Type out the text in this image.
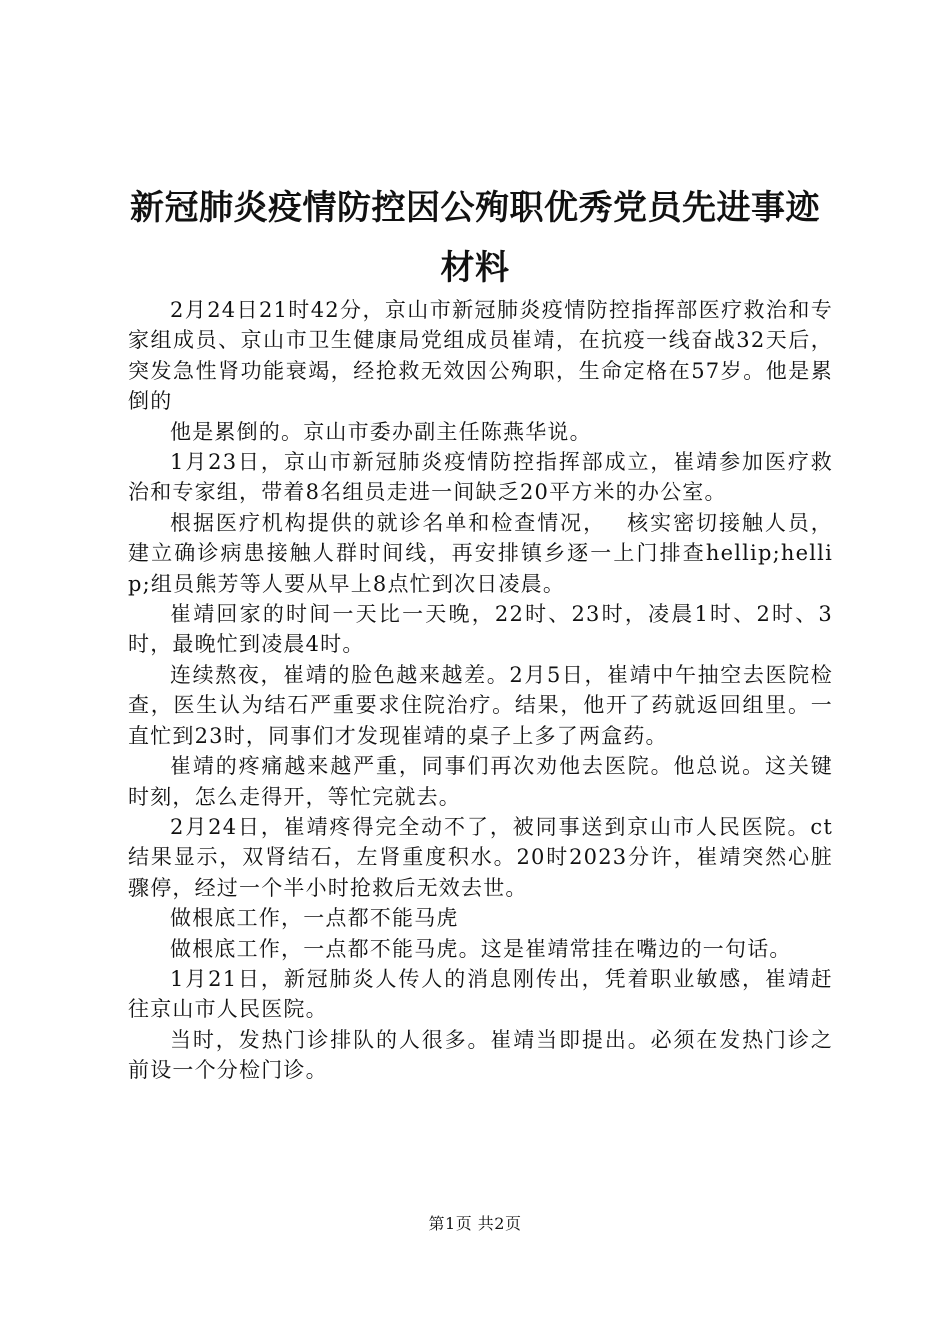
新冠肺炎疫情防控因公殉职优秀党员先进事迹材料

2月24日21时42分，京山市新冠肺炎疫情防控指挥部医疗救治和专家组成员、京山市卫生健康局党组成员崔靖，在抗疫一线奋战32天后，突发急性肾功能衰竭，经抢救无效因公殉职，生命定格在57岁。他是累倒的

他是累倒的。京山市委办副主任陈燕华说。

1月23日，京山市新冠肺炎疫情防控指挥部成立，崔靖参加医疗救治和专家组，带着8名组员走进一间缺乏20平方米的办公室。

根据医疗机构提供的就诊名单和检查情况，　 核实密切接触人员，建立确诊病患接触人群时间线，再安排镇乡逐一上门排查hellip;hellip;组员熊芳等人要从早上8点忙到次日凌晨。

崔靖回家的时间一天比一天晚，22时、23时，凌晨1时、2时、3时，最晚忙到凌晨4时。

连续熬夜，崔靖的脸色越来越差。2月5日，崔靖中午抽空去医院检查，医生认为结石严重要求住院治疗。结果，他开了药就返回组里。一直忙到23时，同事们才发现崔靖的桌子上多了两盒药。

崔靖的疼痛越来越严重，同事们再次劝他去医院。他总说。这关键时刻，怎么走得开，等忙完就去。

2月24日，崔靖疼得完全动不了，被同事送到京山市人民医院。ct结果显示，双肾结石，左肾重度积水。20时2023分许，崔靖突然心脏骤停，经过一个半小时抢救后无效去世。

做根底工作，一点都不能马虎

做根底工作，一点都不能马虎。这是崔靖常挂在嘴边的一句话。

1月21日，新冠肺炎人传人的消息刚传出，凭着职业敏感，崔靖赶往京山市人民医院。

当时，发热门诊排队的人很多。崔靖当即提出。必须在发热门诊之前设一个分检门诊。

第1页 共2页
